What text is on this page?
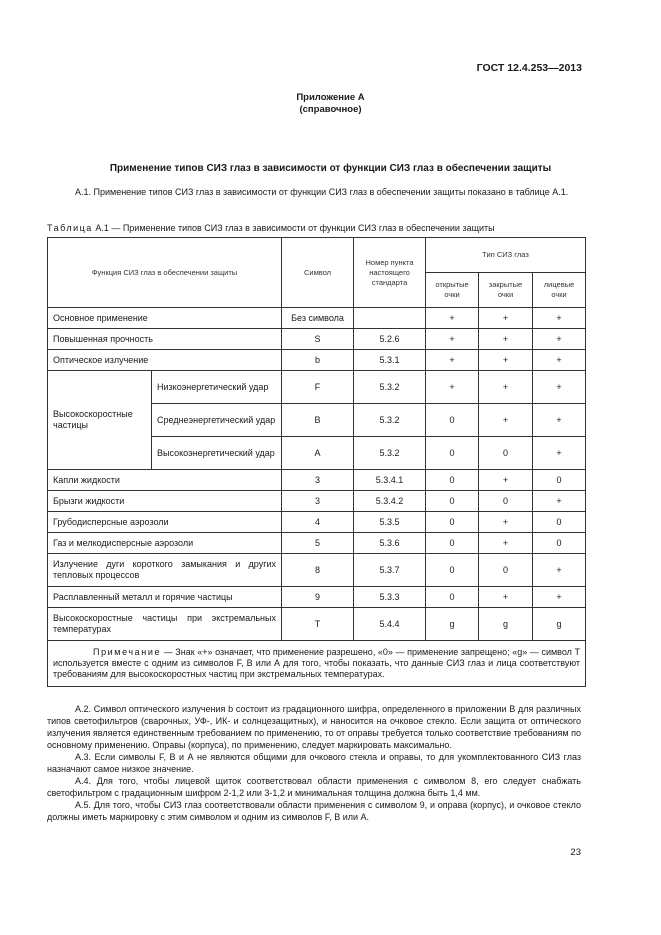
ГОСТ 12.4.253—2013
Приложение А
(справочное)
Применение типов СИЗ глаз в зависимости от функции СИЗ глаз в обеспечении защиты
А.1. Применение типов СИЗ глаз в зависимости от функции СИЗ глаз в обеспечении защиты показано в таблице А.1.
Таблица А.1 — Применение типов СИЗ глаз в зависимости от функции СИЗ глаз в обеспечении защиты
Функция СИЗ глаз в обеспечении защиты		Символ	Номер пункта настоящего стандарта	Тип СИЗ глаз		
				открытые очки	закрытые очки	лицевые очки
Основное применение		Без символа		+	+	+
Повышенная прочность		S	5.2.6	+	+	+
Оптическое излучение		b	5.3.1	+	+	+
Высокоскоростные частицы	Низкоэнергетический удар	F	5.3.2	+	+	+
	Среднеэнергетический удар	B	5.3.2	0	+	+
	Высокоэнергетический удар	A	5.3.2	0	0	+
Капли жидкости		3	5.3.4.1	0	+	0
Брызги жидкости		3	5.3.4.2	0	0	+
Грубодисперсные аэрозоли		4	5.3.5	0	+	0
Газ и мелкодисперсные аэрозоли		5	5.3.6	0	+	0
Излучение дуги короткого замыкания и других тепловых процессов		8	5.3.7	0	0	+
Расплавленный металл и горячие частицы		9	5.3.3	0	+	+
Высокоскоростные частицы при экстремальных температурах		T	5.4.4	g	g	g
Примечание — Знак «+» означает, что применение разрешено, «0» — применение запрещено; «g» — символ Т используется вместе с одним из символов F, В или А для того, чтобы показать, что данные СИЗ глаз и лица соответствуют требованиям для высокоскоростных частиц при экстремальных температурах.						

А.2. Символ оптического излучения b состоит из градационного шифра, определенного в приложении В для различных типов светофильтров (сварочных, УФ-, ИК- и солнцезащитных), и наносится на очковое стекло. Если защита от оптического излучения является единственным требованием по применению, то от оправы требуется только соответствие требованиям по основному применению. Оправы (корпуса), по применению, следует маркировать максимально.

А.3. Если символы F, В и А не являются общими для очкового стекла и оправы, то для укомплектованного СИЗ глаз назначают самое низкое значение.

А.4. Для того, чтобы лицевой щиток соответствовал области применения с символом 8, его следует снабжать светофильтром с градационным шифром 2-1,2 или 3-1,2 и минимальная толщина должна быть 1,4 мм.

А.5. Для того, чтобы СИЗ глаз соответствовали области применения с символом 9, и оправа (корпус), и очковое стекло должны иметь маркировку с этим символом и одним из символов F, В или А.

23
